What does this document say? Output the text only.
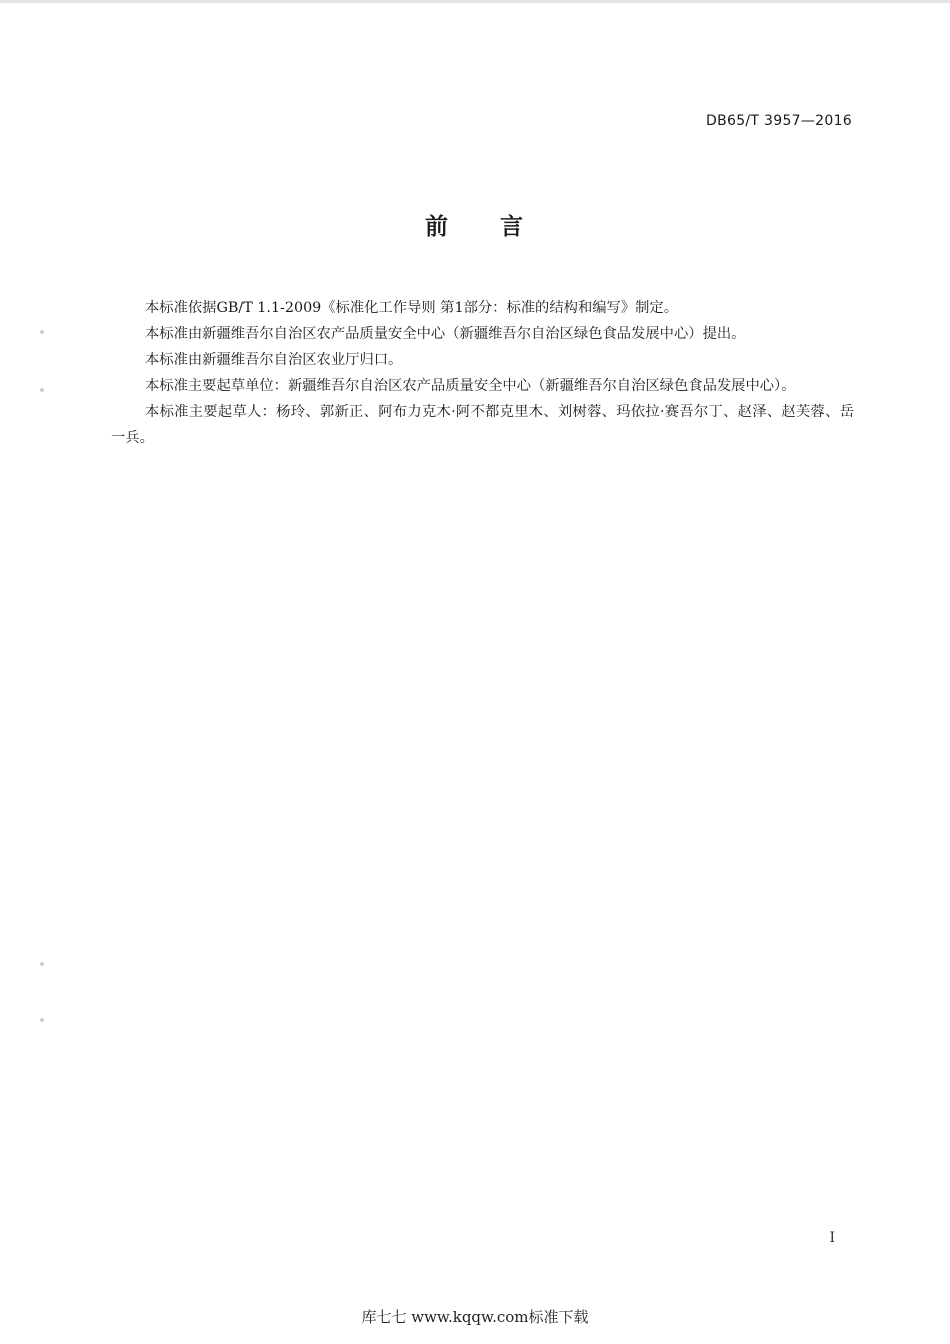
DB65/T 3957—2016
前　　言

本标准依据GB/T 1.1-2009《标准化工作导则 第1部分：标准的结构和编写》制定。

本标准由新疆维吾尔自治区农产品质量安全中心（新疆维吾尔自治区绿色食品发展中心）提出。

本标准由新疆维吾尔自治区农业厅归口。

本标准主要起草单位：新疆维吾尔自治区农产品质量安全中心（新疆维吾尔自治区绿色食品发展中心）。

本标准主要起草人：杨玲、郭新正、阿布力克木·阿不都克里木、刘树蓉、玛依拉·赛吾尔丁、赵泽、赵芙蓉、岳一兵。

I
库七七 www.kqqw.com标准下载
